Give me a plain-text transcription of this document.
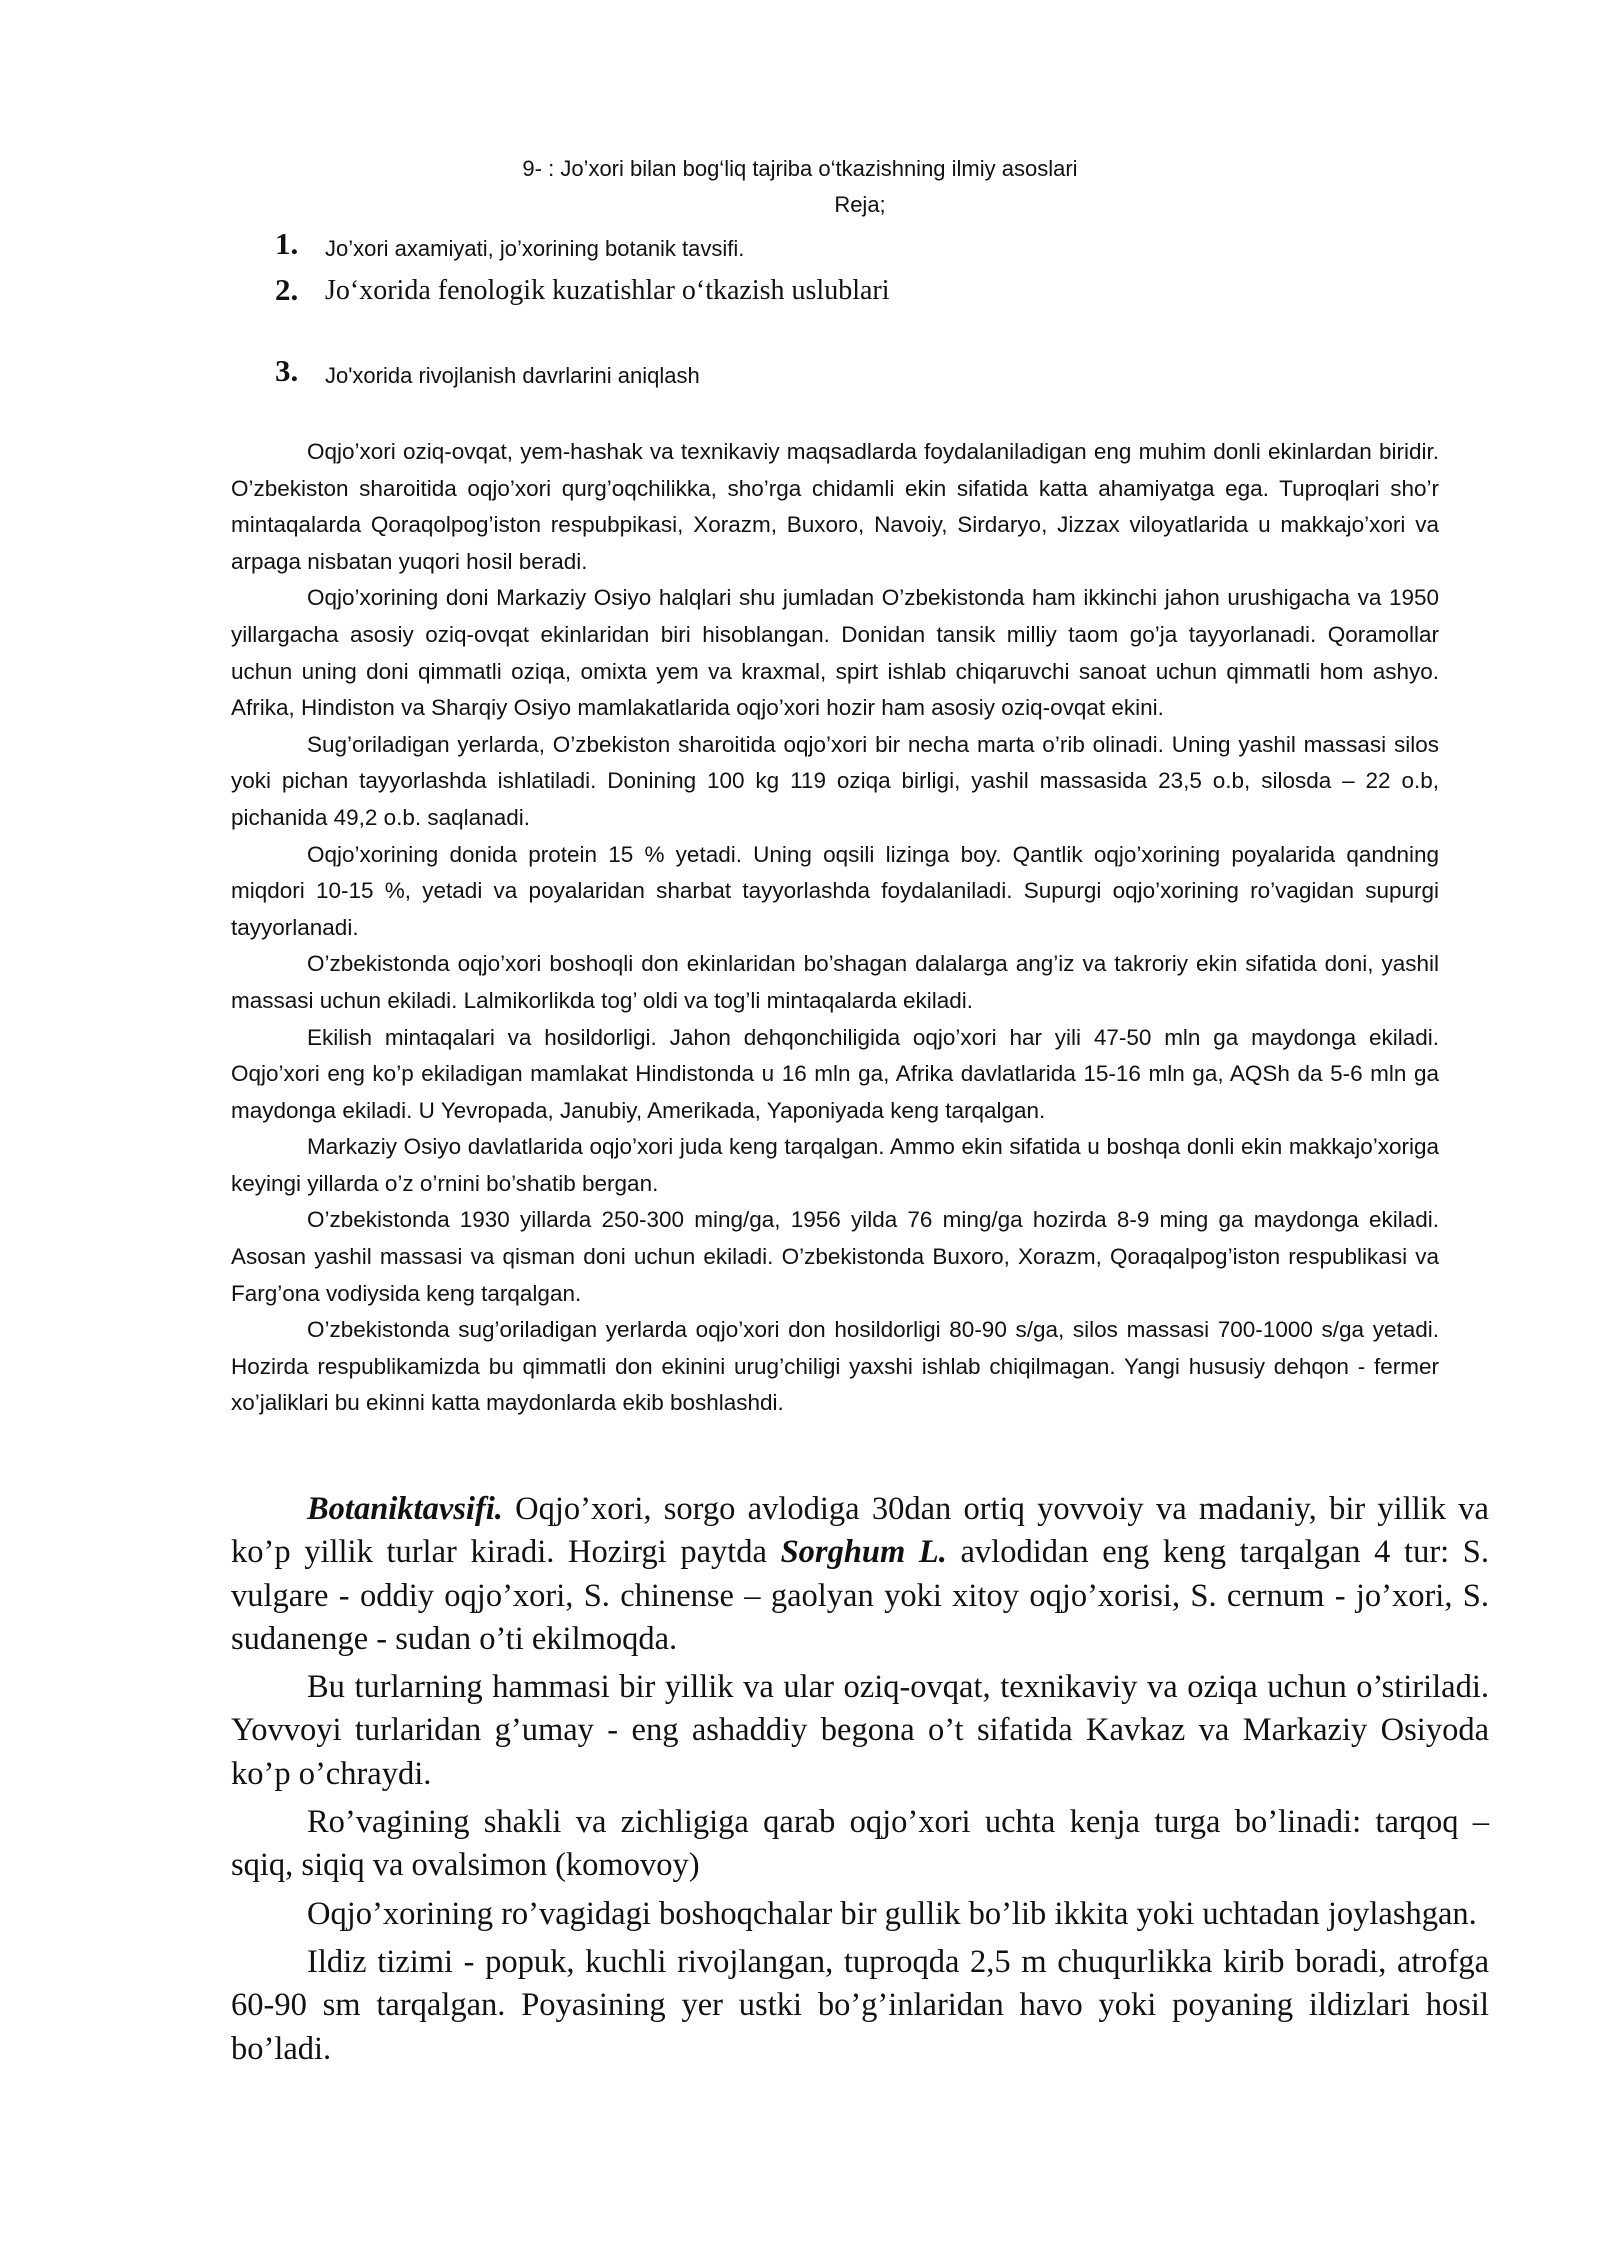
9- : Jo’xori bilan bog‘liq tajriba o‘tkazishning ilmiy asoslari
Reja;
1. Jo’xori axamiyati, jo’xorining botanik tavsifi.
2. Jo‘xorida fenologik kuzatishlar o‘tkazish uslublari
3. Jo'xorida rivojlanish davrlarini aniqlash

Oqjo’xori oziq-ovqat, yem-hashak va texnikaviy maqsadlarda foydalaniladigan eng muhim donli ekinlardan biridir. O’zbekiston sharoitida oqjo’xori qurg’oqchilikka, sho’rga chidamli ekin sifatida katta ahamiyatga ega. Tuproqlari sho’r mintaqalarda Qoraqolpog’iston respubpikasi, Xorazm, Buxoro, Navoiy, Sirdaryo, Jizzax viloyatlarida u makkajo’xori va arpaga nisbatan yuqori hosil beradi.

Oqjo’xorining doni Markaziy Osiyo halqlari shu jumladan O’zbekistonda ham ikkinchi jahon urushigacha va 1950 yillargacha asosiy oziq-ovqat ekinlaridan biri hisoblangan. Donidan tansik milliy taom go’ja tayyorlanadi. Qoramollar uchun uning doni qimmatli oziqa, omixta yem va kraxmal, spirt ishlab chiqaruvchi sanoat uchun qimmatli hom ashyo. Afrika, Hindiston va Sharqiy Osiyo mamlakatlarida oqjo’xori hozir ham asosiy oziq-ovqat ekini.

Sug’oriladigan yerlarda, O’zbekiston sharoitida oqjo’xori bir necha marta o’rib olinadi. Uning yashil massasi silos yoki pichan tayyorlashda ishlatiladi. Donining 100 kg 119 oziqa birligi, yashil massasida 23,5 o.b, silosda – 22 o.b, pichanida 49,2 o.b. saqlanadi.

Oqjo’xorining donida protein 15 % yetadi. Uning oqsili lizinga boy. Qantlik oqjo’xorining poyalarida qandning miqdori 10-15 %, yetadi va poyalaridan sharbat tayyorlashda foydalaniladi. Supurgi oqjo’xorining ro’vagidan supurgi tayyorlanadi.

O’zbekistonda oqjo’xori boshoqli don ekinlaridan bo’shagan dalalarga ang’iz va takroriy ekin sifatida doni, yashil massasi uchun ekiladi. Lalmikorlikda tog’ oldi va tog’li mintaqalarda ekiladi.

Ekilish mintaqalari va hosildorligi. Jahon dehqonchiligida oqjo’xori har yili 47-50 mln ga maydonga ekiladi. Oqjo’xori eng ko’p ekiladigan mamlakat Hindistonda u 16 mln ga, Afrika davlatlarida 15-16 mln ga, AQSh da 5-6 mln ga maydonga ekiladi. U Yevropada, Janubiy, Amerikada, Yaponiyada keng tarqalgan.

Markaziy Osiyo davlatlarida oqjo’xori juda keng tarqalgan. Ammo ekin sifatida u boshqa donli ekin makkajo’xoriga keyingi yillarda o’z o’rnini bo’shatib bergan.

O’zbekistonda 1930 yillarda 250-300 ming/ga, 1956 yilda 76 ming/ga hozirda 8-9 ming ga maydonga ekiladi. Asosan yashil massasi va qisman doni uchun ekiladi. O’zbekistonda Buxoro, Xorazm, Qoraqalpog’iston respublikasi va Farg’ona vodiysida keng tarqalgan.

O’zbekistonda sug’oriladigan yerlarda oqjo’xori don hosildorligi 80-90 s/ga, silos massasi 700-1000 s/ga yetadi. Hozirda respublikamizda bu qimmatli don ekinini urug’chiligi yaxshi ishlab chiqilmagan. Yangi hususiy dehqon - fermer xo’jaliklari bu ekinni katta maydonlarda ekib boshlashdi.

Botaniktavsifi. Oqjo’xori, sorgo avlodiga 30dan ortiq yovvoiy va madaniy, bir yillik va ko’p yillik turlar kiradi. Hozirgi paytda Sorghum L. avlodidan eng keng tarqalgan 4 tur: S. vulgare - oddiy oqjo’xori, S. chinense – gaolyan yoki xitoy oqjo’xorisi, S. cernum - jo’xori, S. sudanenge - sudan o’ti ekilmoqda.

Bu turlarning hammasi bir yillik va ular oziq-ovqat, texnikaviy va oziqa uchun o’stiriladi. Yovvoyi turlaridan g’umay - eng ashaddiy begona o’t sifatida Kavkaz va Markaziy Osiyoda ko’p o’chraydi.

Ro’vagining shakli va zichligiga qarab oqjo’xori uchta kenja turga bo’linadi: tarqoq – sqiq, siqiq va ovalsimon (komovoy)

Oqjo’xorining ro’vagidagi boshoqchalar bir gullik bo’lib ikkita yoki uchtadan joylashgan.

Ildiz tizimi - popuk, kuchli rivojlangan, tuproqda 2,5 m chuqurlikka kirib boradi, atrofga 60-90 sm tarqalgan. Poyasining yer ustki bo’g’inlaridan havo yoki poyaning ildizlari hosil bo’ladi.
